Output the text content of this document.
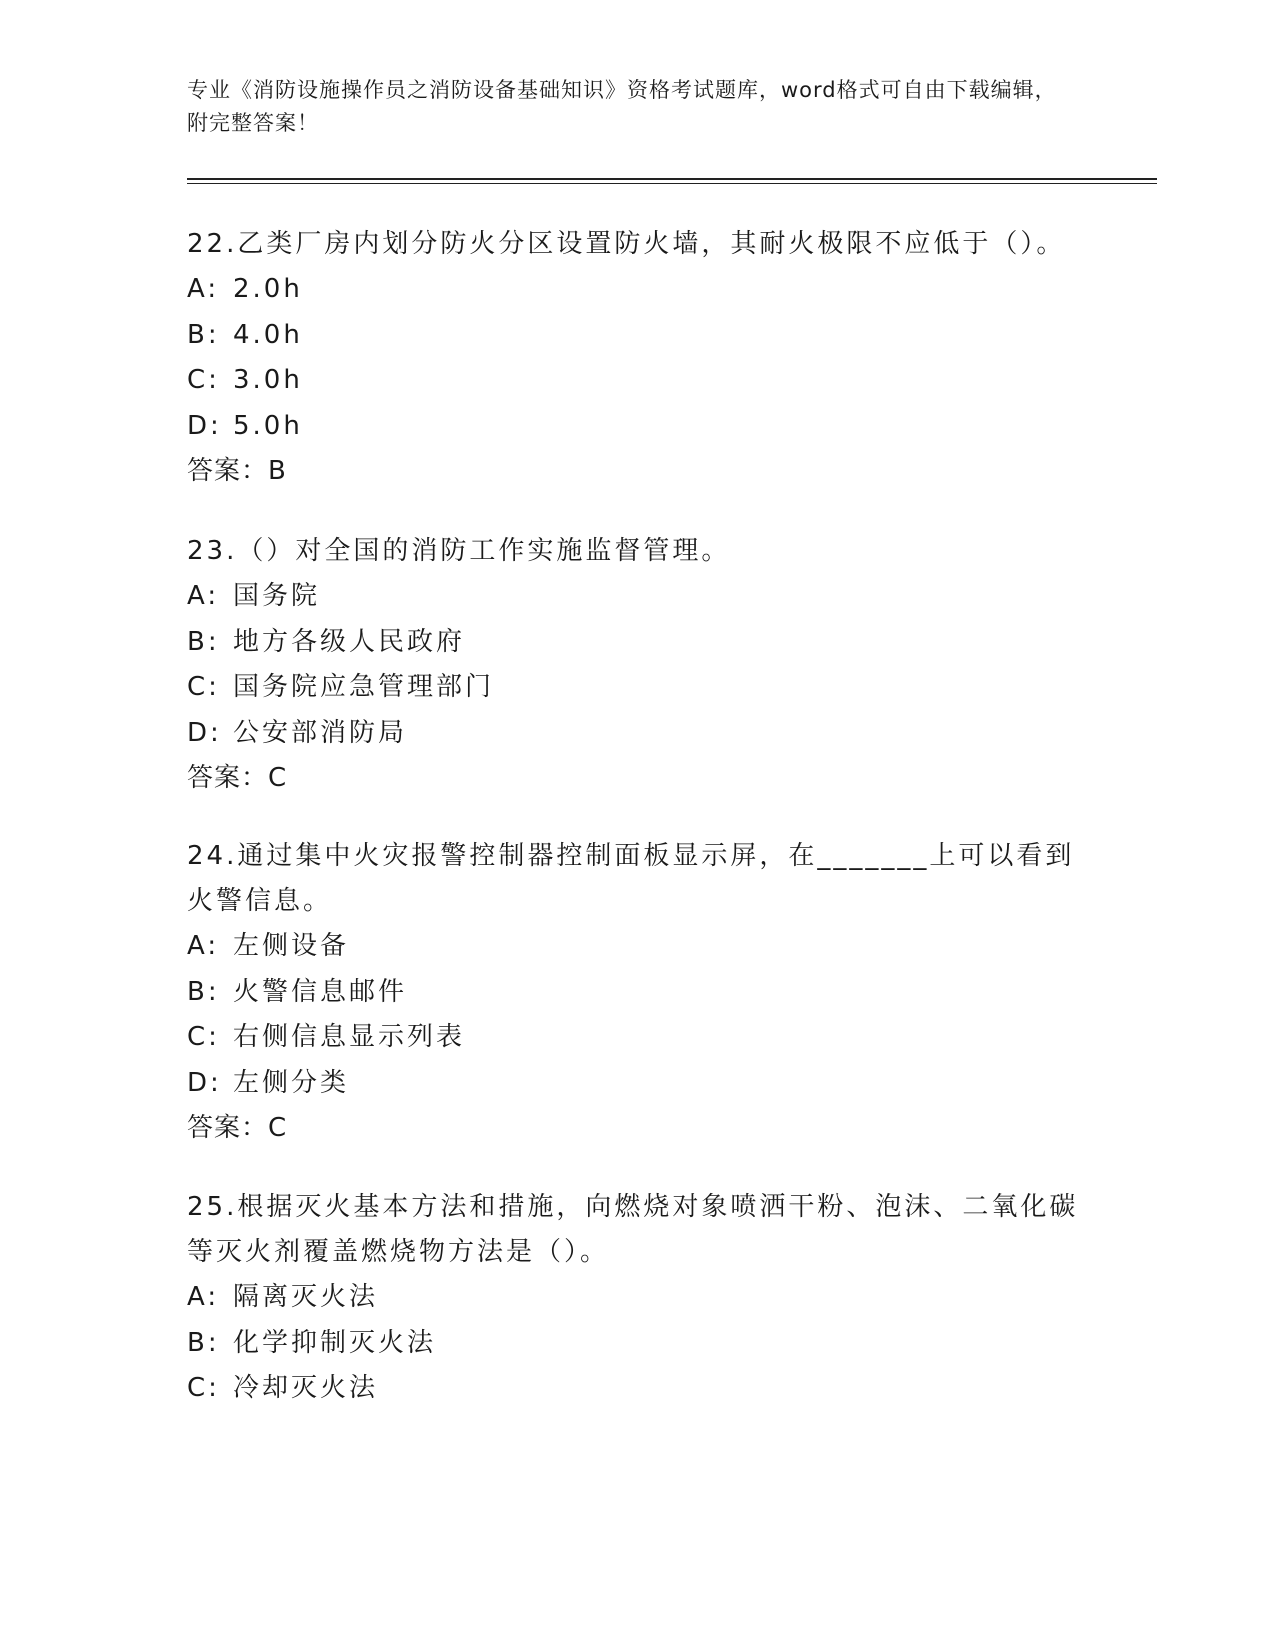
专业《消防设施操作员之消防设备基础知识》资格考试题库，word格式可自由下载编辑，附完整答案！

22.乙类厂房内划分防火分区设置防火墙，其耐火极限不应低于（）。

A: 2.0h

B: 4.0h

C: 3.0h

D: 5.0h

答案：B

23.（）对全国的消防工作实施监督管理。

A: 国务院

B: 地方各级人民政府

C: 国务院应急管理部门

D: 公安部消防局

答案：C

24.通过集中火灾报警控制器控制面板显示屏，在_______上可以看到火警信息。

A: 左侧设备

B: 火警信息邮件

C: 右侧信息显示列表

D: 左侧分类

答案：C

25.根据灭火基本方法和措施，向燃烧对象喷洒干粉、泡沫、二氧化碳等灭火剂覆盖燃烧物方法是（）。

A: 隔离灭火法

B: 化学抑制灭火法

C: 冷却灭火法
